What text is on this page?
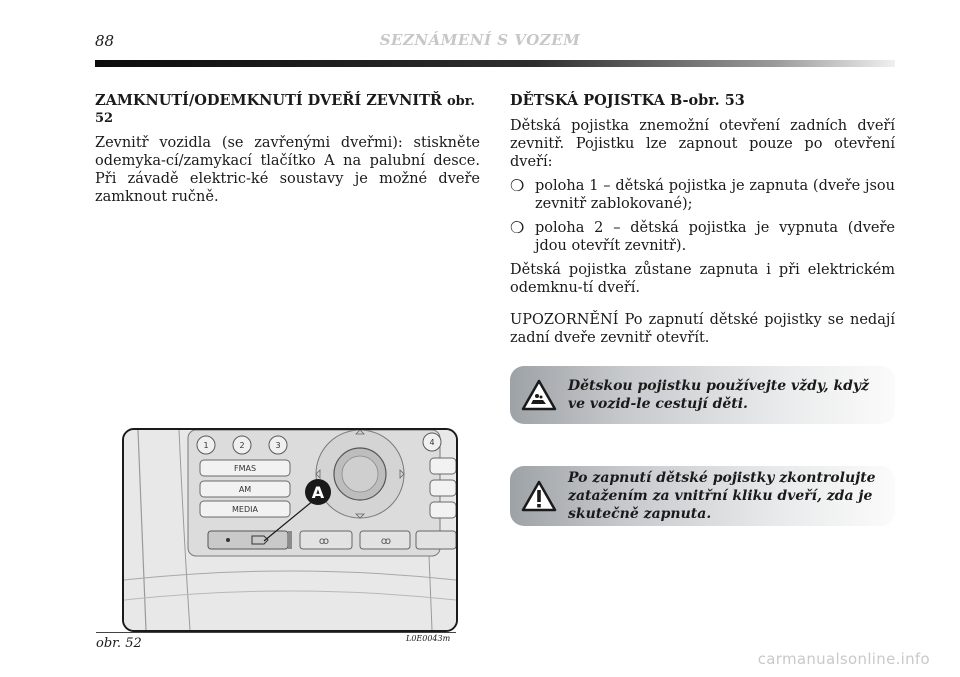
88	SEZNÁMENÍ S VOZEM
ZAMKNUTÍ/ODEMKNUTÍ DVEŘÍ ZEVNITŘ obr. 52

Zevnitř vozidla (se zavřenými dveřmi): stiskněte odemyka-cí/zamykací tlačítko A na palubní desce. Při závadě elektric-ké soustavy je možné dveře zamknout ručně.

DĚTSKÁ POJISTKA B-obr. 53

Dětská pojistka znemožní otevření zadních dveří zevnitř. Pojistku lze zapnout pouze po otevření dveří:

❍ poloha 1 – dětská pojistka je zapnuta (dveře jsou zevnitř zablokované);
❍ poloha 2 – dětská pojistka je vypnuta (dveře jdou otevřít zevnitř).

Dětská pojistka zůstane zapnuta i při elektrickém odemknu-tí dveří.

UPOZORNĚNÍ Po zapnutí dětské pojistky se nedají zadní dveře zevnitř otevřít.

Dětskou pojistku používejte vždy, když ve vozid-le cestují děti.
Po zapnutí dětské pojistky zkontrolujte zatažením za vnitřní kliku dveří, zda je skutečně zapnuta.
1	2	3	4
FMAS
AM
MEDIA
ꝏ	ꝏ
A
obr. 52	L0E0043m
carmanualsonline.info
